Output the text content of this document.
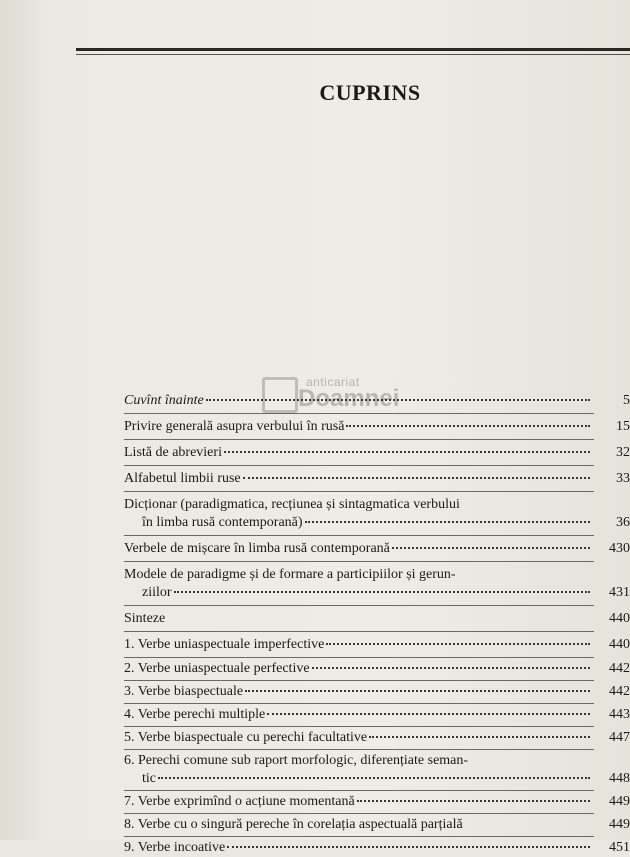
CUPRINS

anticariat
Doamnei
Cuvînt înainte	5
Privire generală asupra verbului în rusă	15
Listă de abrevieri	32
Alfabetul limbii ruse	33
Dicționar (paradigmatica, recțiunea și sintagmatica verbului
în limba rusă contemporană)	36
Verbele de mișcare în limba rusă contemporană	430
Modele de paradigme și de formare a participiilor și gerun-
ziilor	431
Sinteze	440
1. Verbe uniaspectuale imperfective	440
2. Verbe uniaspectuale perfective	442
3. Verbe biaspectuale	442
4. Verbe perechi multiple	443
5. Verbe biaspectuale cu perechi facultative	447
6. Perechi comune sub raport morfologic, diferențiate seman-
tic	448
7. Verbe exprimînd o acțiune momentană	449
8. Verbe cu o singură pereche în corelația aspectuală parțială	449
9. Verbe incoative	451
